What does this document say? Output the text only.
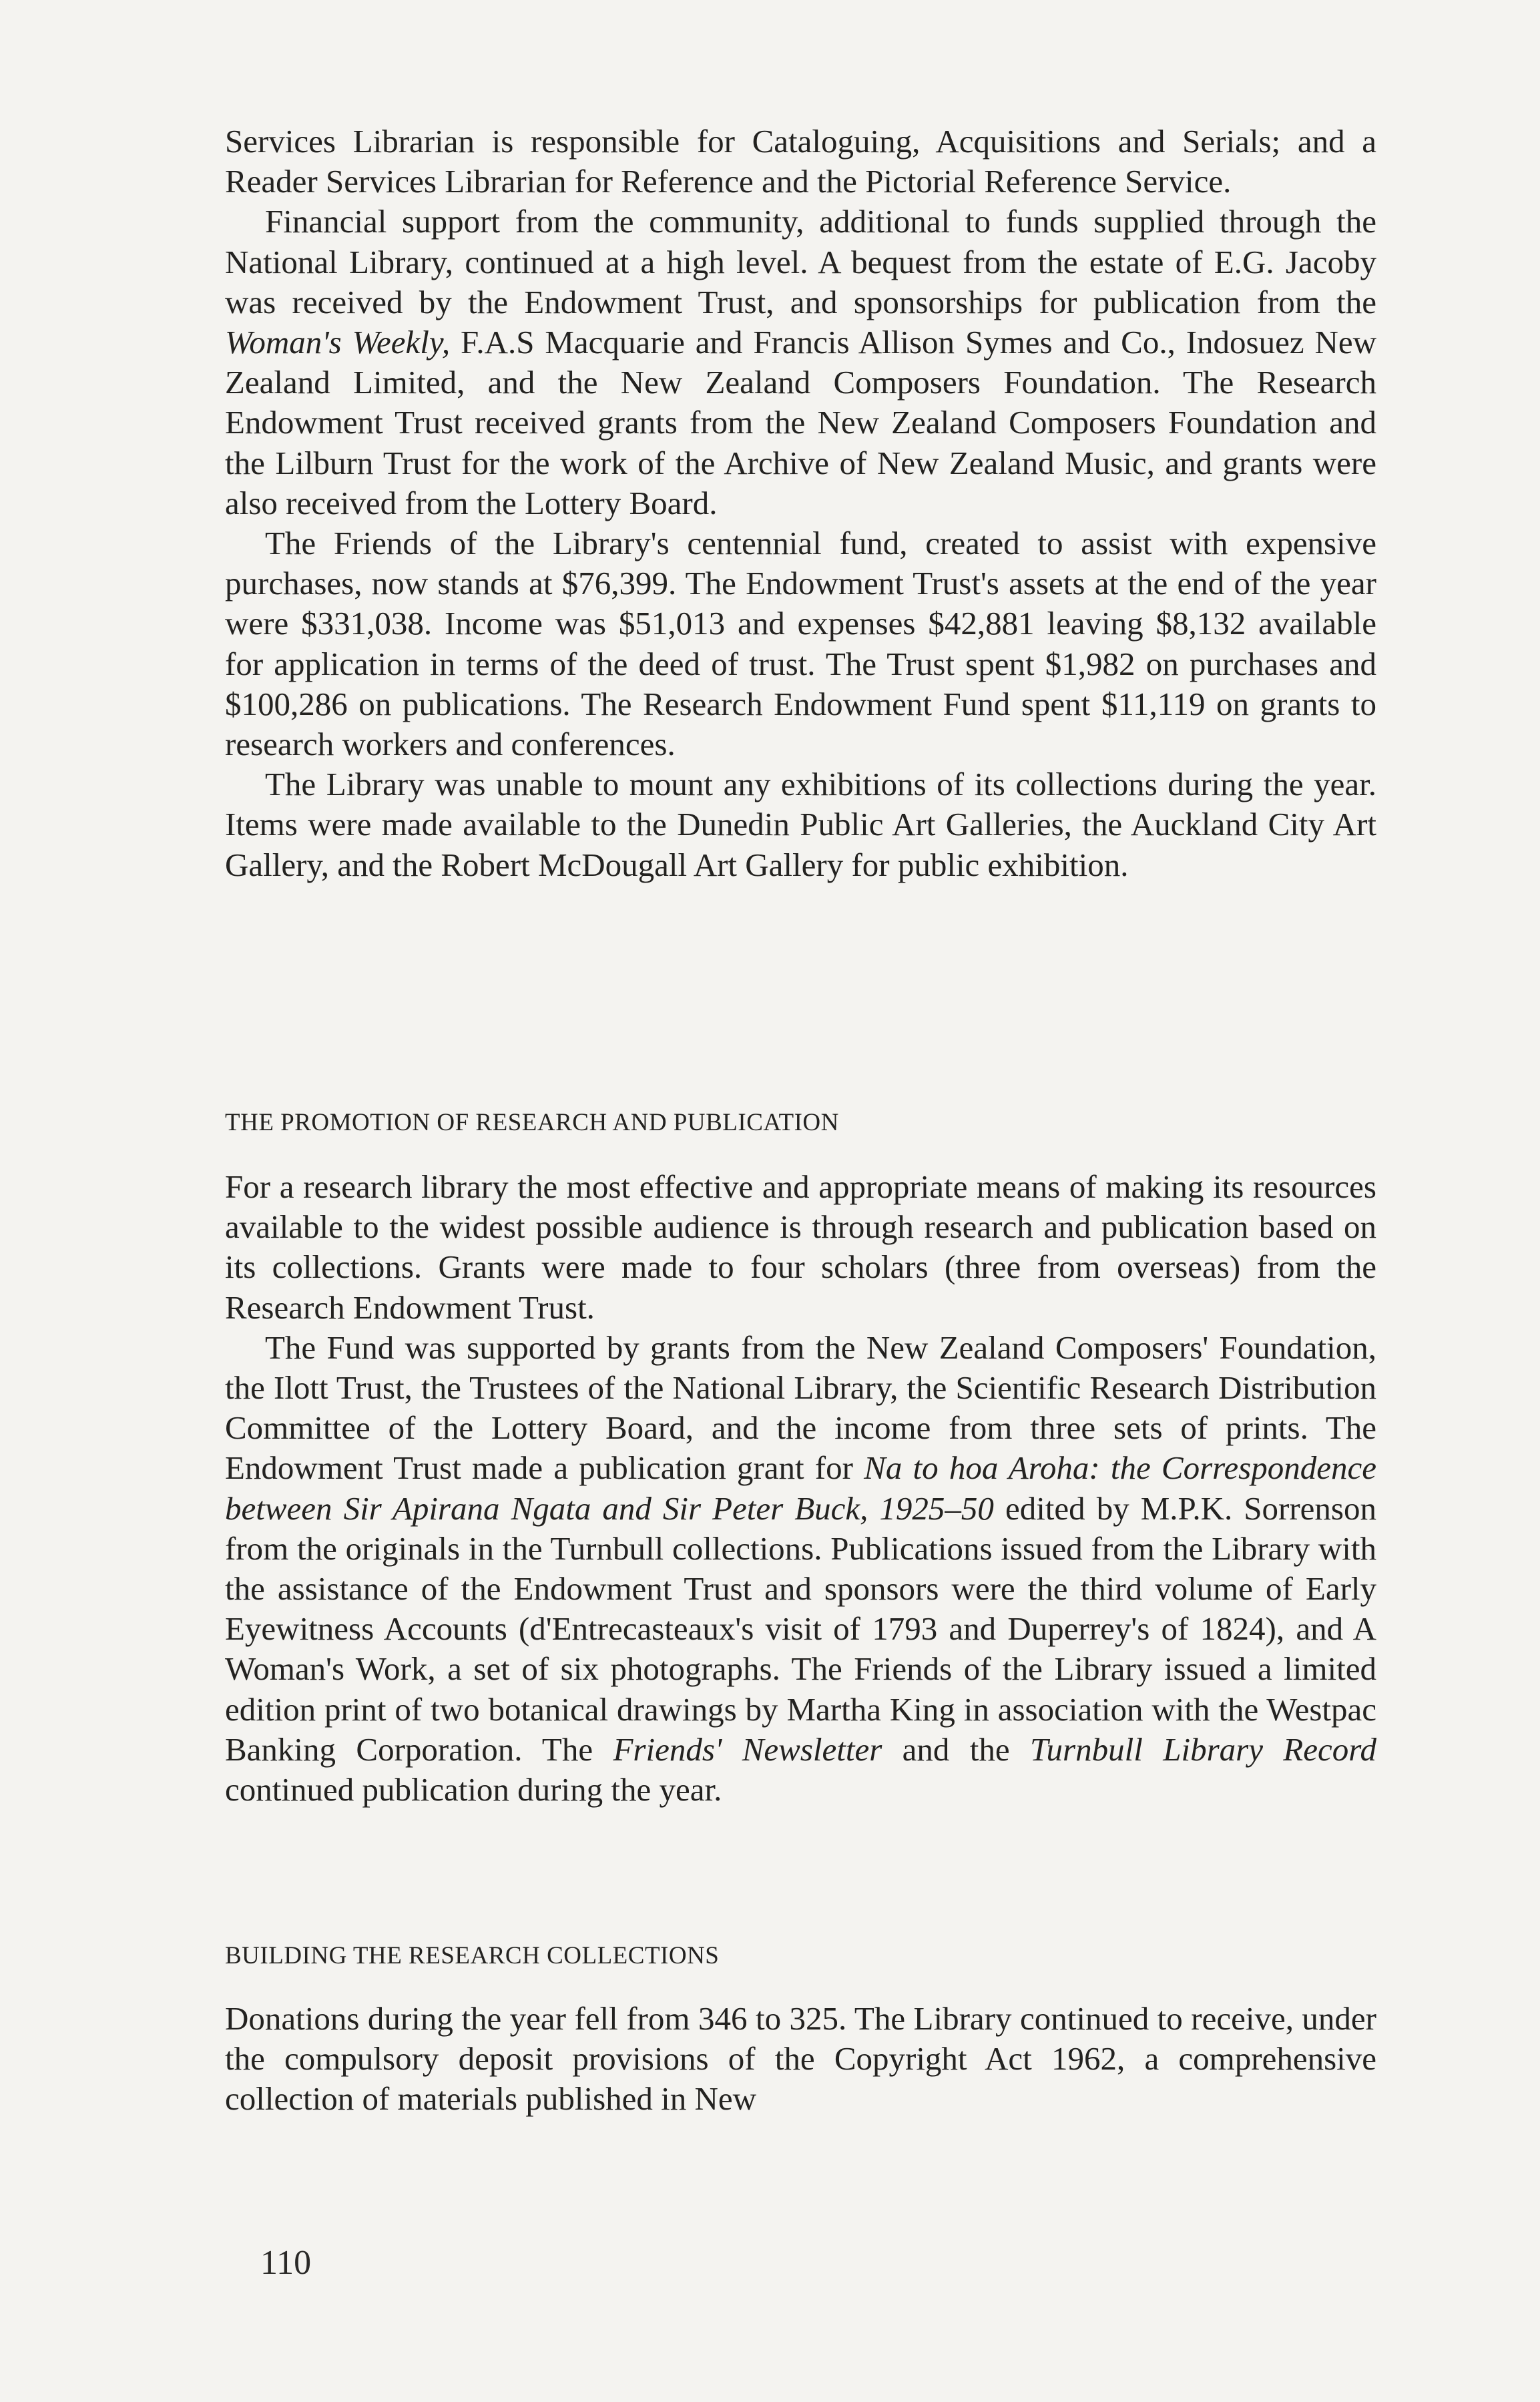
Services Librarian is responsible for Cataloguing, Acquisitions and Serials; and a Reader Services Librarian for Reference and the Pictorial Reference Service.

Financial support from the community, additional to funds supplied through the National Library, continued at a high level. A bequest from the estate of E.G. Jacoby was received by the Endowment Trust, and sponsorships for publication from the Woman's Weekly, F.A.S Macquarie and Francis Allison Symes and Co., Indosuez New Zealand Limited, and the New Zealand Composers Foundation. The Research Endowment Trust received grants from the New Zealand Composers Foundation and the Lilburn Trust for the work of the Archive of New Zealand Music, and grants were also received from the Lottery Board.

The Friends of the Library's centennial fund, created to assist with expensive purchases, now stands at $76,399. The Endowment Trust's assets at the end of the year were $331,038. Income was $51,013 and expenses $42,881 leaving $8,132 available for application in terms of the deed of trust. The Trust spent $1,982 on purchases and $100,286 on publications. The Research Endowment Fund spent $11,119 on grants to research workers and conferences.

The Library was unable to mount any exhibitions of its collections during the year. Items were made available to the Dunedin Public Art Galleries, the Auckland City Art Gallery, and the Robert McDougall Art Gallery for public exhibition.

THE PROMOTION OF RESEARCH AND PUBLICATION

For a research library the most effective and appropriate means of making its resources available to the widest possible audience is through research and publication based on its collections. Grants were made to four scholars (three from overseas) from the Research Endowment Trust.

The Fund was supported by grants from the New Zealand Composers' Foundation, the Ilott Trust, the Trustees of the National Library, the Scientific Research Distribution Committee of the Lottery Board, and the income from three sets of prints. The Endowment Trust made a publication grant for Na to hoa Aroha: the Correspondence between Sir Apirana Ngata and Sir Peter Buck, 1925–50 edited by M.P.K. Sorrenson from the originals in the Turnbull collections. Publications issued from the Library with the assistance of the Endowment Trust and sponsors were the third volume of Early Eyewitness Accounts (d'Entrecasteaux's visit of 1793 and Duperrey's of 1824), and A Woman's Work, a set of six photographs. The Friends of the Library issued a limited edition print of two botanical drawings by Martha King in association with the Westpac Banking Corporation. The Friends' Newsletter and the Turnbull Library Record continued publication during the year.

BUILDING THE RESEARCH COLLECTIONS

Donations during the year fell from 346 to 325. The Library continued to receive, under the compulsory deposit provisions of the Copyright Act 1962, a comprehensive collection of materials published in New

110
